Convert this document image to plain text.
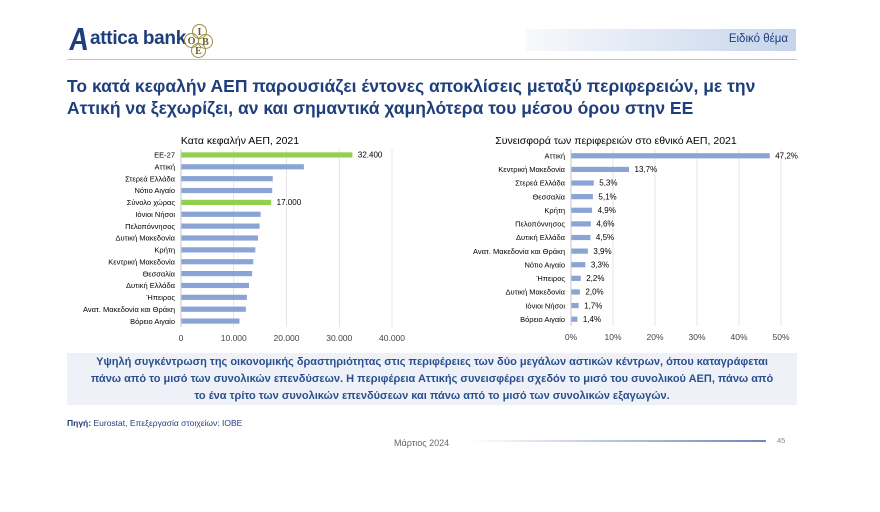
attica bank	Ι
Ο Β
Ε
Ειδικό θέμα
Το κατά κεφαλήν ΑΕΠ παρουσιάζει έντονες αποκλίσεις μεταξύ περιφερειών, με την Αττική να ξεχωρίζει, αν και σημαντικά χαμηλότερα του μέσου όρου στην ΕΕ
Κατα κεφαλήν ΑΕΠ, 2021
0	10.000	20.000	30.000	40.000
ΕΕ-27	32.400
Αττική
Στερεά Ελλάδα
Νότιο Αιγαίο
Σύνολο χώρας	17.000
Ιόνιοι Νήσοι
Πελοπόννησος
Δυτική Μακεδονία
Κρήτη
Κεντρική Μακεδονία
Θεσσαλία
Δυτική Ελλάδα
Ήπειρος
Ανατ. Μακεδονία και Θράκη
Βόρειο Αιγαίο
Συνεισφορά των περιφερειών στο εθνικό ΑΕΠ, 2021
0%	10%	20%	30%	40%	50%
Αττική	47,2%
Κεντρική Μακεδονία	13,7%
Στερεά Ελλάδα	5,3%
Θεσσαλία	5,1%
Κρήτη	4,9%
Πελοπόννησος	4,6%
Δυτική Ελλάδα	4,5%
Ανατ. Μακεδονία και Θράκη	3,9%
Νότιο Αιγαίο	3,3%
Ήπειρος	2,2%
Δυτική Μακεδονία	2,0%
Ιόνιοι Νήσοι 1,7%
Βόρειο Αιγαίο 1,4%
Υψηλή συγκέντρωση της οικονομικής δραστηριότητας στις περιφέρειες των δύο μεγάλων αστικών κέντρων, όπου καταγράφεται
πάνω από το μισό των συνολικών επενδύσεων. Η περιφέρεια Αττικής συνεισφέρει σχεδόν το μισό του συνολικού ΑΕΠ, πάνω από
το ένα τρίτο των συνολικών επενδύσεων και πάνω από το μισό των συνολικών εξαγωγών.
Πηγή: Eurostat, Επεξεργασία στοιχείων: ΙΟΒΕ
Μάρτιος 2024	45
